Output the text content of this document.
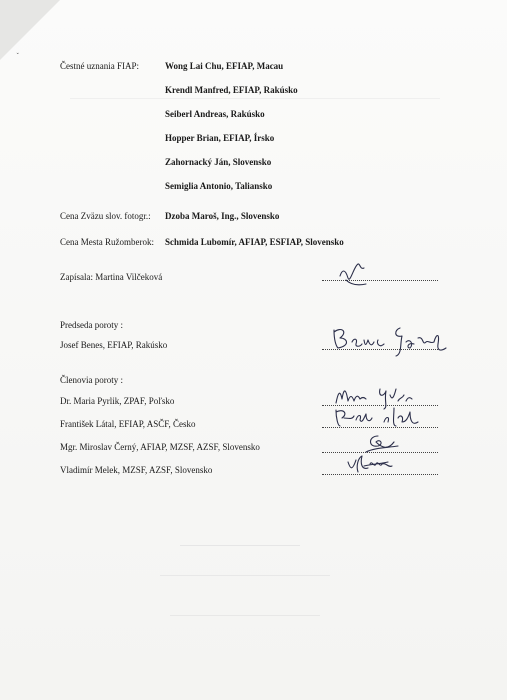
˯
Čestné uznania FIAP:	Wong Lai Chu, EFIAP, Macau
Krendl Manfred, EFIAP, Rakúsko
Seiberl Andreas, Rakúsko
Hopper Brian, EFIAP, Írsko
Zahornacký Ján, Slovensko
Semiglia Antonio, Taliansko
Cena Zväzu slov. fotogr.: Dzoba Maroš, Ing., Slovensko
Cena Mesta Ružomberok: Schmida Lubomír, AFIAP, ESFIAP, Slovensko
Zapísala: Martina Vilčeková
Predseda poroty :
Josef Benes, EFIAP, Rakúsko
Členovia poroty :
Dr. Maria Pyrlik, ZPAF, Poľsko
František Látal, EFIAP, ASČF, Česko
Mgr. Miroslav Černý, AFIAP, MZSF, AZSF, Slovensko
Vladimír Melek, MZSF, AZSF, Slovensko
